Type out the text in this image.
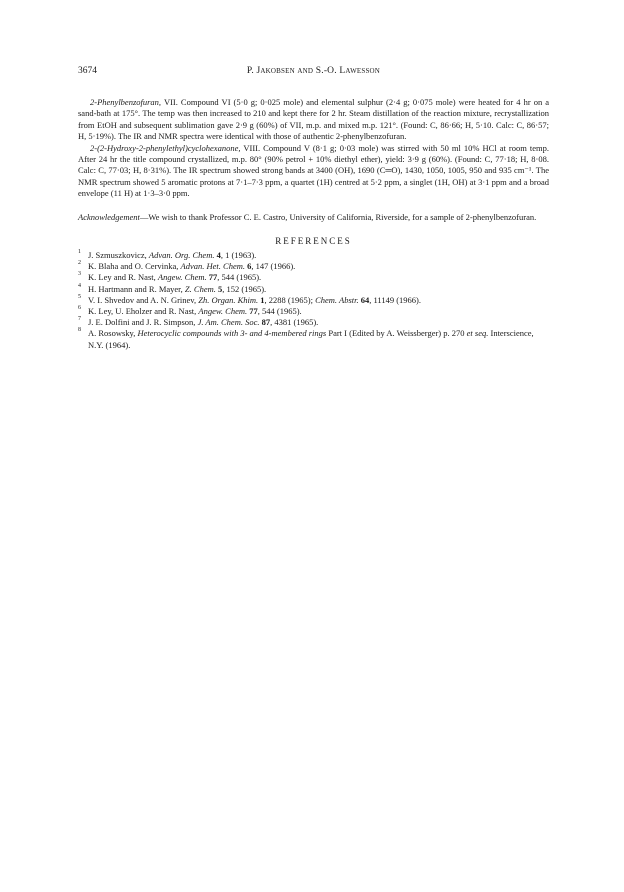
3674	P. Jakobsen and S.-O. Lawesson

2-Phenylbenzofuran, VII. Compound VI (5·0 g; 0·025 mole) and elemental sulphur (2·4 g; 0·075 mole) were heated for 4 hr on a sand-bath at 175°. The temp was then increased to 210 and kept there for 2 hr. Steam distillation of the reaction mixture, recrystallization from EtOH and subsequent sublimation gave 2·9 g (60%) of VII, m.p. and mixed m.p. 121°. (Found: C, 86·66; H, 5·10. Calc: C, 86·57; H, 5·19%). The IR and NMR spectra were identical with those of authentic 2-phenylbenzofuran.

2-(2-Hydroxy-2-phenylethyl)cyclohexanone, VIII. Compound V (8·1 g; 0·03 mole) was stirred with 50 ml 10% HCl at room temp. After 24 hr the title compound crystallized, m.p. 80° (90% petrol + 10% diethyl ether), yield: 3·9 g (60%). (Found: C, 77·18; H, 8·08. Calc: C, 77·03; H, 8·31%). The IR spectrum showed strong bands at 3400 (OH), 1690 (C═O), 1430, 1050, 1005, 950 and 935 cm⁻¹. The NMR spectrum showed 5 aromatic protons at 7·1–7·3 ppm, a quartet (1H) centred at 5·2 ppm, a singlet (1H, OH) at 3·1 ppm and a broad envelope (11 H) at 1·3–3·0 ppm.

Acknowledgement—We wish to thank Professor C. E. Castro, University of California, Riverside, for a sample of 2-phenylbenzofuran.

REFERENCES
1 J. Szmuszkovicz, Advan. Org. Chem. 4, 1 (1963).
2 K. Blaha and O. Cervinka, Advan. Het. Chem. 6, 147 (1966).
3 K. Ley and R. Nast, Angew. Chem. 77, 544 (1965).
4 H. Hartmann and R. Mayer, Z. Chem. 5, 152 (1965).
5 V. I. Shvedov and A. N. Grinev, Zh. Organ. Khim. 1, 2288 (1965); Chem. Abstr. 64, 11149 (1966).
6 K. Ley, U. Eholzer and R. Nast, Angew. Chem. 77, 544 (1965).
7 J. E. Dolfini and J. R. Simpson, J. Am. Chem. Soc. 87, 4381 (1965).
8 A. Rosowsky, Heterocyclic compounds with 3- and 4-membered rings Part I (Edited by A. Weissberger) p. 270 et seq. Interscience, N.Y. (1964).
